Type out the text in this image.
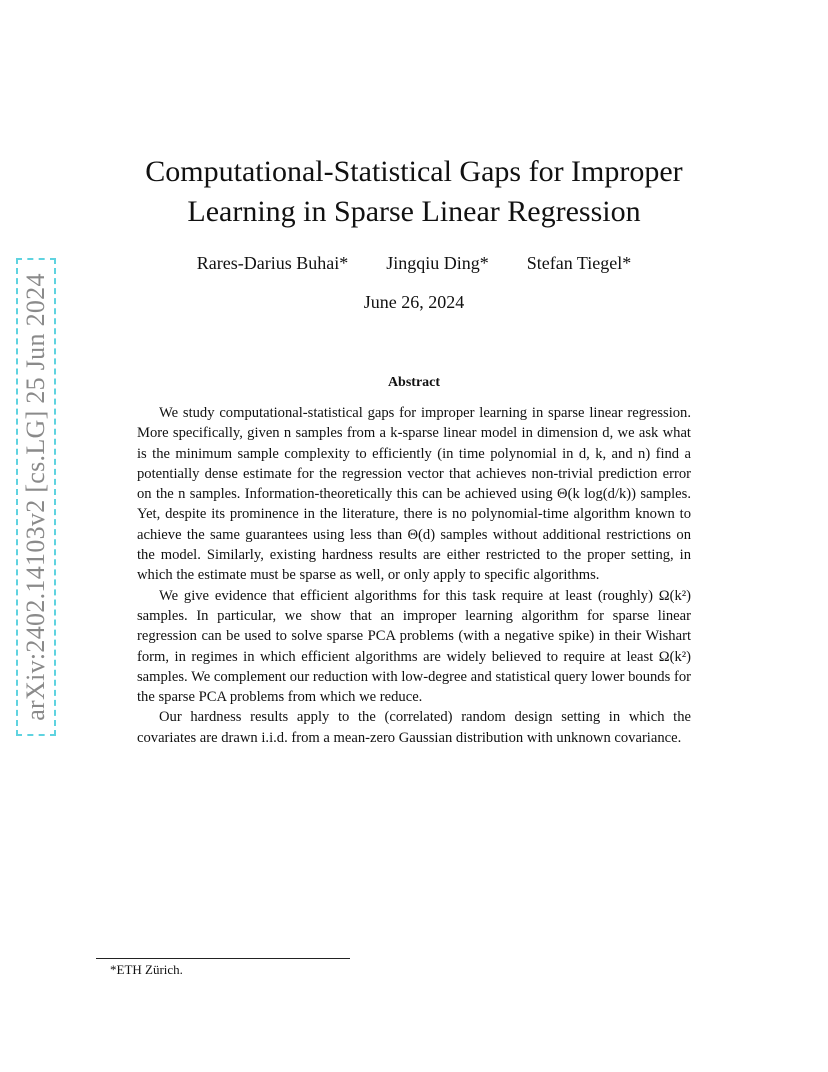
arXiv:2402.14103v2 [cs.LG] 25 Jun 2024
Computational-Statistical Gaps for Improper
Learning in Sparse Linear Regression
Rares-Darius Buhai* Jingqiu Ding* Stefan Tiegel*
June 26, 2024
Abstract

We study computational-statistical gaps for improper learning in sparse linear regression. More specifically, given n samples from a k-sparse linear model in dimension d, we ask what is the minimum sample complexity to efficiently (in time polynomial in d, k, and n) find a potentially dense estimate for the regression vector that achieves non-trivial prediction error on the n samples. Information-theoretically this can be achieved using Θ(k log(d/k)) samples. Yet, despite its prominence in the literature, there is no polynomial-time algorithm known to achieve the same guarantees using less than Θ(d) samples without additional restrictions on the model. Similarly, existing hardness results are either restricted to the proper setting, in which the estimate must be sparse as well, or only apply to specific algorithms.

We give evidence that efficient algorithms for this task require at least (roughly) Ω(k²) samples. In particular, we show that an improper learning algorithm for sparse linear regression can be used to solve sparse PCA problems (with a negative spike) in their Wishart form, in regimes in which efficient algorithms are widely believed to require at least Ω(k²) samples. We complement our reduction with low-degree and statistical query lower bounds for the sparse PCA problems from which we reduce.

Our hardness results apply to the (correlated) random design setting in which the covariates are drawn i.i.d. from a mean-zero Gaussian distribution with unknown covariance.

*ETH Zürich.
